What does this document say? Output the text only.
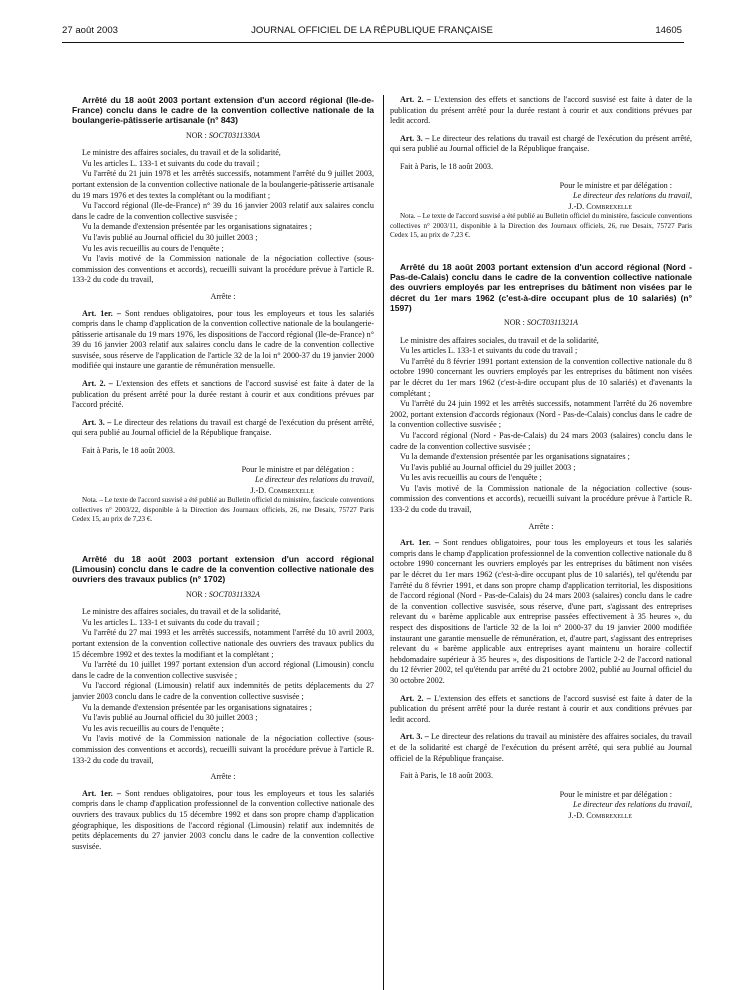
27 août 2003	JOURNAL OFFICIEL DE LA RÉPUBLIQUE FRANÇAISE	14605

Arrêté du 18 août 2003 portant extension d'un accord régional (Ile-de-France) conclu dans le cadre de la convention collective nationale de la boulangerie-pâtisserie artisanale (n° 843)

NOR : SOCT0311330A

Le ministre des affaires sociales, du travail et de la solidarité,

Vu les articles L. 133-1 et suivants du code du travail ;

Vu l'arrêté du 21 juin 1978 et les arrêtés successifs, notamment l'arrêté du 9 juillet 2003, portant extension de la convention collective nationale de la boulangerie-pâtisserie artisanale du 19 mars 1976 et des textes la complétant ou la modifiant ;

Vu l'accord régional (Ile-de-France) n° 39 du 16 janvier 2003 relatif aux salaires conclu dans le cadre de la convention collective susvisée ;

Vu la demande d'extension présentée par les organisations signataires ;

Vu l'avis publié au Journal officiel du 30 juillet 2003 ;

Vu les avis recueillis au cours de l'enquête ;

Vu l'avis motivé de la Commission nationale de la négociation collective (sous-commission des conventions et accords), recueilli suivant la procédure prévue à l'article R. 133-2 du code du travail,

Arrête :

Art. 1er. – Sont rendues obligatoires, pour tous les employeurs et tous les salariés compris dans le champ d'application de la convention collective nationale de la boulangerie-pâtisserie artisanale du 19 mars 1976, les dispositions de l'accord régional (Ile-de-France) n° 39 du 16 janvier 2003 relatif aux salaires conclu dans le cadre de la convention collective susvisée, sous réserve de l'application de l'article 32 de la loi n° 2000-37 du 19 janvier 2000 modifiée qui instaure une garantie de rémunération mensuelle.

Art. 2. – L'extension des effets et sanctions de l'accord susvisé est faite à dater de la publication du présent arrêté pour la durée restant à courir et aux conditions prévues par l'accord précité.

Art. 3. – Le directeur des relations du travail est chargé de l'exécution du présent arrêté, qui sera publié au Journal officiel de la République française.

Fait à Paris, le 18 août 2003.

Pour le ministre et par délégation :
Le directeur des relations du travail,
J.-D. Combrexelle

Nota. – Le texte de l'accord susvisé a été publié au Bulletin officiel du ministère, fascicule conventions collectives n° 2003/22, disponible à la Direction des Journaux officiels, 26, rue Desaix, 75727 Paris Cedex 15, au prix de 7,23 €.

Arrêté du 18 août 2003 portant extension d'un accord régional (Limousin) conclu dans le cadre de la convention collective nationale des ouvriers des travaux publics (n° 1702)

NOR : SOCT0311332A

Le ministre des affaires sociales, du travail et de la solidarité,

Vu les articles L. 133-1 et suivants du code du travail ;

Vu l'arrêté du 27 mai 1993 et les arrêtés successifs, notamment l'arrêté du 10 avril 2003, portant extension de la convention collective nationale des ouvriers des travaux publics du 15 décembre 1992 et des textes la modifiant et la complétant ;

Vu l'arrêté du 10 juillet 1997 portant extension d'un accord régional (Limousin) conclu dans le cadre de la convention collective susvisée ;

Vu l'accord régional (Limousin) relatif aux indemnités de petits déplacements du 27 janvier 2003 conclu dans le cadre de la convention collective susvisée ;

Vu la demande d'extension présentée par les organisations signataires ;

Vu l'avis publié au Journal officiel du 30 juillet 2003 ;

Vu les avis recueillis au cours de l'enquête ;

Vu l'avis motivé de la Commission nationale de la négociation collective (sous-commission des conventions et accords), recueilli suivant la procédure prévue à l'article R. 133-2 du code du travail,

Arrête :

Art. 1er. – Sont rendues obligatoires, pour tous les employeurs et tous les salariés compris dans le champ d'application professionnel de la convention collective nationale des ouvriers des travaux publics du 15 décembre 1992 et dans son propre champ d'application géographique, les dispositions de l'accord régional (Limousin) relatif aux indemnités de petits déplacements du 27 janvier 2003 conclu dans le cadre de la convention collective susvisée.

Art. 2. – L'extension des effets et sanctions de l'accord susvisé est faite à dater de la publication du présent arrêté pour la durée restant à courir et aux conditions prévues par ledit accord.

Art. 3. – Le directeur des relations du travail est chargé de l'exécution du présent arrêté, qui sera publié au Journal officiel de la République française.

Fait à Paris, le 18 août 2003.

Pour le ministre et par délégation :
Le directeur des relations du travail,
J.-D. Combrexelle

Nota. – Le texte de l'accord susvisé a été publié au Bulletin officiel du ministère, fascicule conventions collectives n° 2003/11, disponible à la Direction des Journaux officiels, 26, rue Desaix, 75727 Paris Cedex 15, au prix de 7,23 €.

Arrêté du 18 août 2003 portant extension d'un accord régional (Nord - Pas-de-Calais) conclu dans le cadre de la convention collective nationale des ouvriers employés par les entreprises du bâtiment non visées par le décret du 1er mars 1962 (c'est-à-dire occupant plus de 10 salariés) (n° 1597)

NOR : SOCT0311321A

Le ministre des affaires sociales, du travail et de la solidarité,

Vu les articles L. 133-1 et suivants du code du travail ;

Vu l'arrêté du 8 février 1991 portant extension de la convention collective nationale du 8 octobre 1990 concernant les ouvriers employés par les entreprises du bâtiment non visées par le décret du 1er mars 1962 (c'est-à-dire occupant plus de 10 salariés) et d'avenants la complétant ;

Vu l'arrêté du 24 juin 1992 et les arrêtés successifs, notamment l'arrêté du 26 novembre 2002, portant extension d'accords régionaux (Nord - Pas-de-Calais) conclus dans le cadre de la convention collective susvisée ;

Vu l'accord régional (Nord - Pas-de-Calais) du 24 mars 2003 (salaires) conclu dans le cadre de la convention collective susvisée ;

Vu la demande d'extension présentée par les organisations signataires ;

Vu l'avis publié au Journal officiel du 29 juillet 2003 ;

Vu les avis recueillis au cours de l'enquête ;

Vu l'avis motivé de la Commission nationale de la négociation collective (sous-commission des conventions et accords), recueilli suivant la procédure prévue à l'article R. 133-2 du code du travail,

Arrête :

Art. 1er. – Sont rendues obligatoires, pour tous les employeurs et tous les salariés compris dans le champ d'application professionnel de la convention collective nationale du 8 octobre 1990 concernant les ouvriers employés par les entreprises du bâtiment non visées par le décret du 1er mars 1962 (c'est-à-dire occupant plus de 10 salariés), tel qu'étendu par l'arrêté du 8 février 1991, et dans son propre champ d'application territorial, les dispositions de l'accord régional (Nord - Pas-de-Calais) du 24 mars 2003 (salaires) conclu dans le cadre de la convention collective susvisée, sous réserve, d'une part, s'agissant des entreprises relevant du « barème applicable aux entreprise passées effectivement à 35 heures », du respect des dispositions de l'article 32 de la loi n° 2000-37 du 19 janvier 2000 modifiée instaurant une garantie mensuelle de rémunération, et, d'autre part, s'agissant des entreprises relevant du « barème applicable aux entreprises ayant maintenu un horaire collectif hebdomadaire supérieur à 35 heures », des dispositions de l'article 2-2 de l'accord national du 12 février 2002, tel qu'étendu par arrêté du 21 octobre 2002, publié au Journal officiel du 30 octobre 2002.

Art. 2. – L'extension des effets et sanctions de l'accord susvisé est faite à dater de la publication du présent arrêté pour la durée restant à courir et aux conditions prévues par ledit accord.

Art. 3. – Le directeur des relations du travail au ministère des affaires sociales, du travail et de la solidarité est chargé de l'exécution du présent arrêté, qui sera publié au Journal officiel de la République française.

Fait à Paris, le 18 août 2003.

Pour le ministre et par délégation :
Le directeur des relations du travail,
J.-D. Combrexelle
